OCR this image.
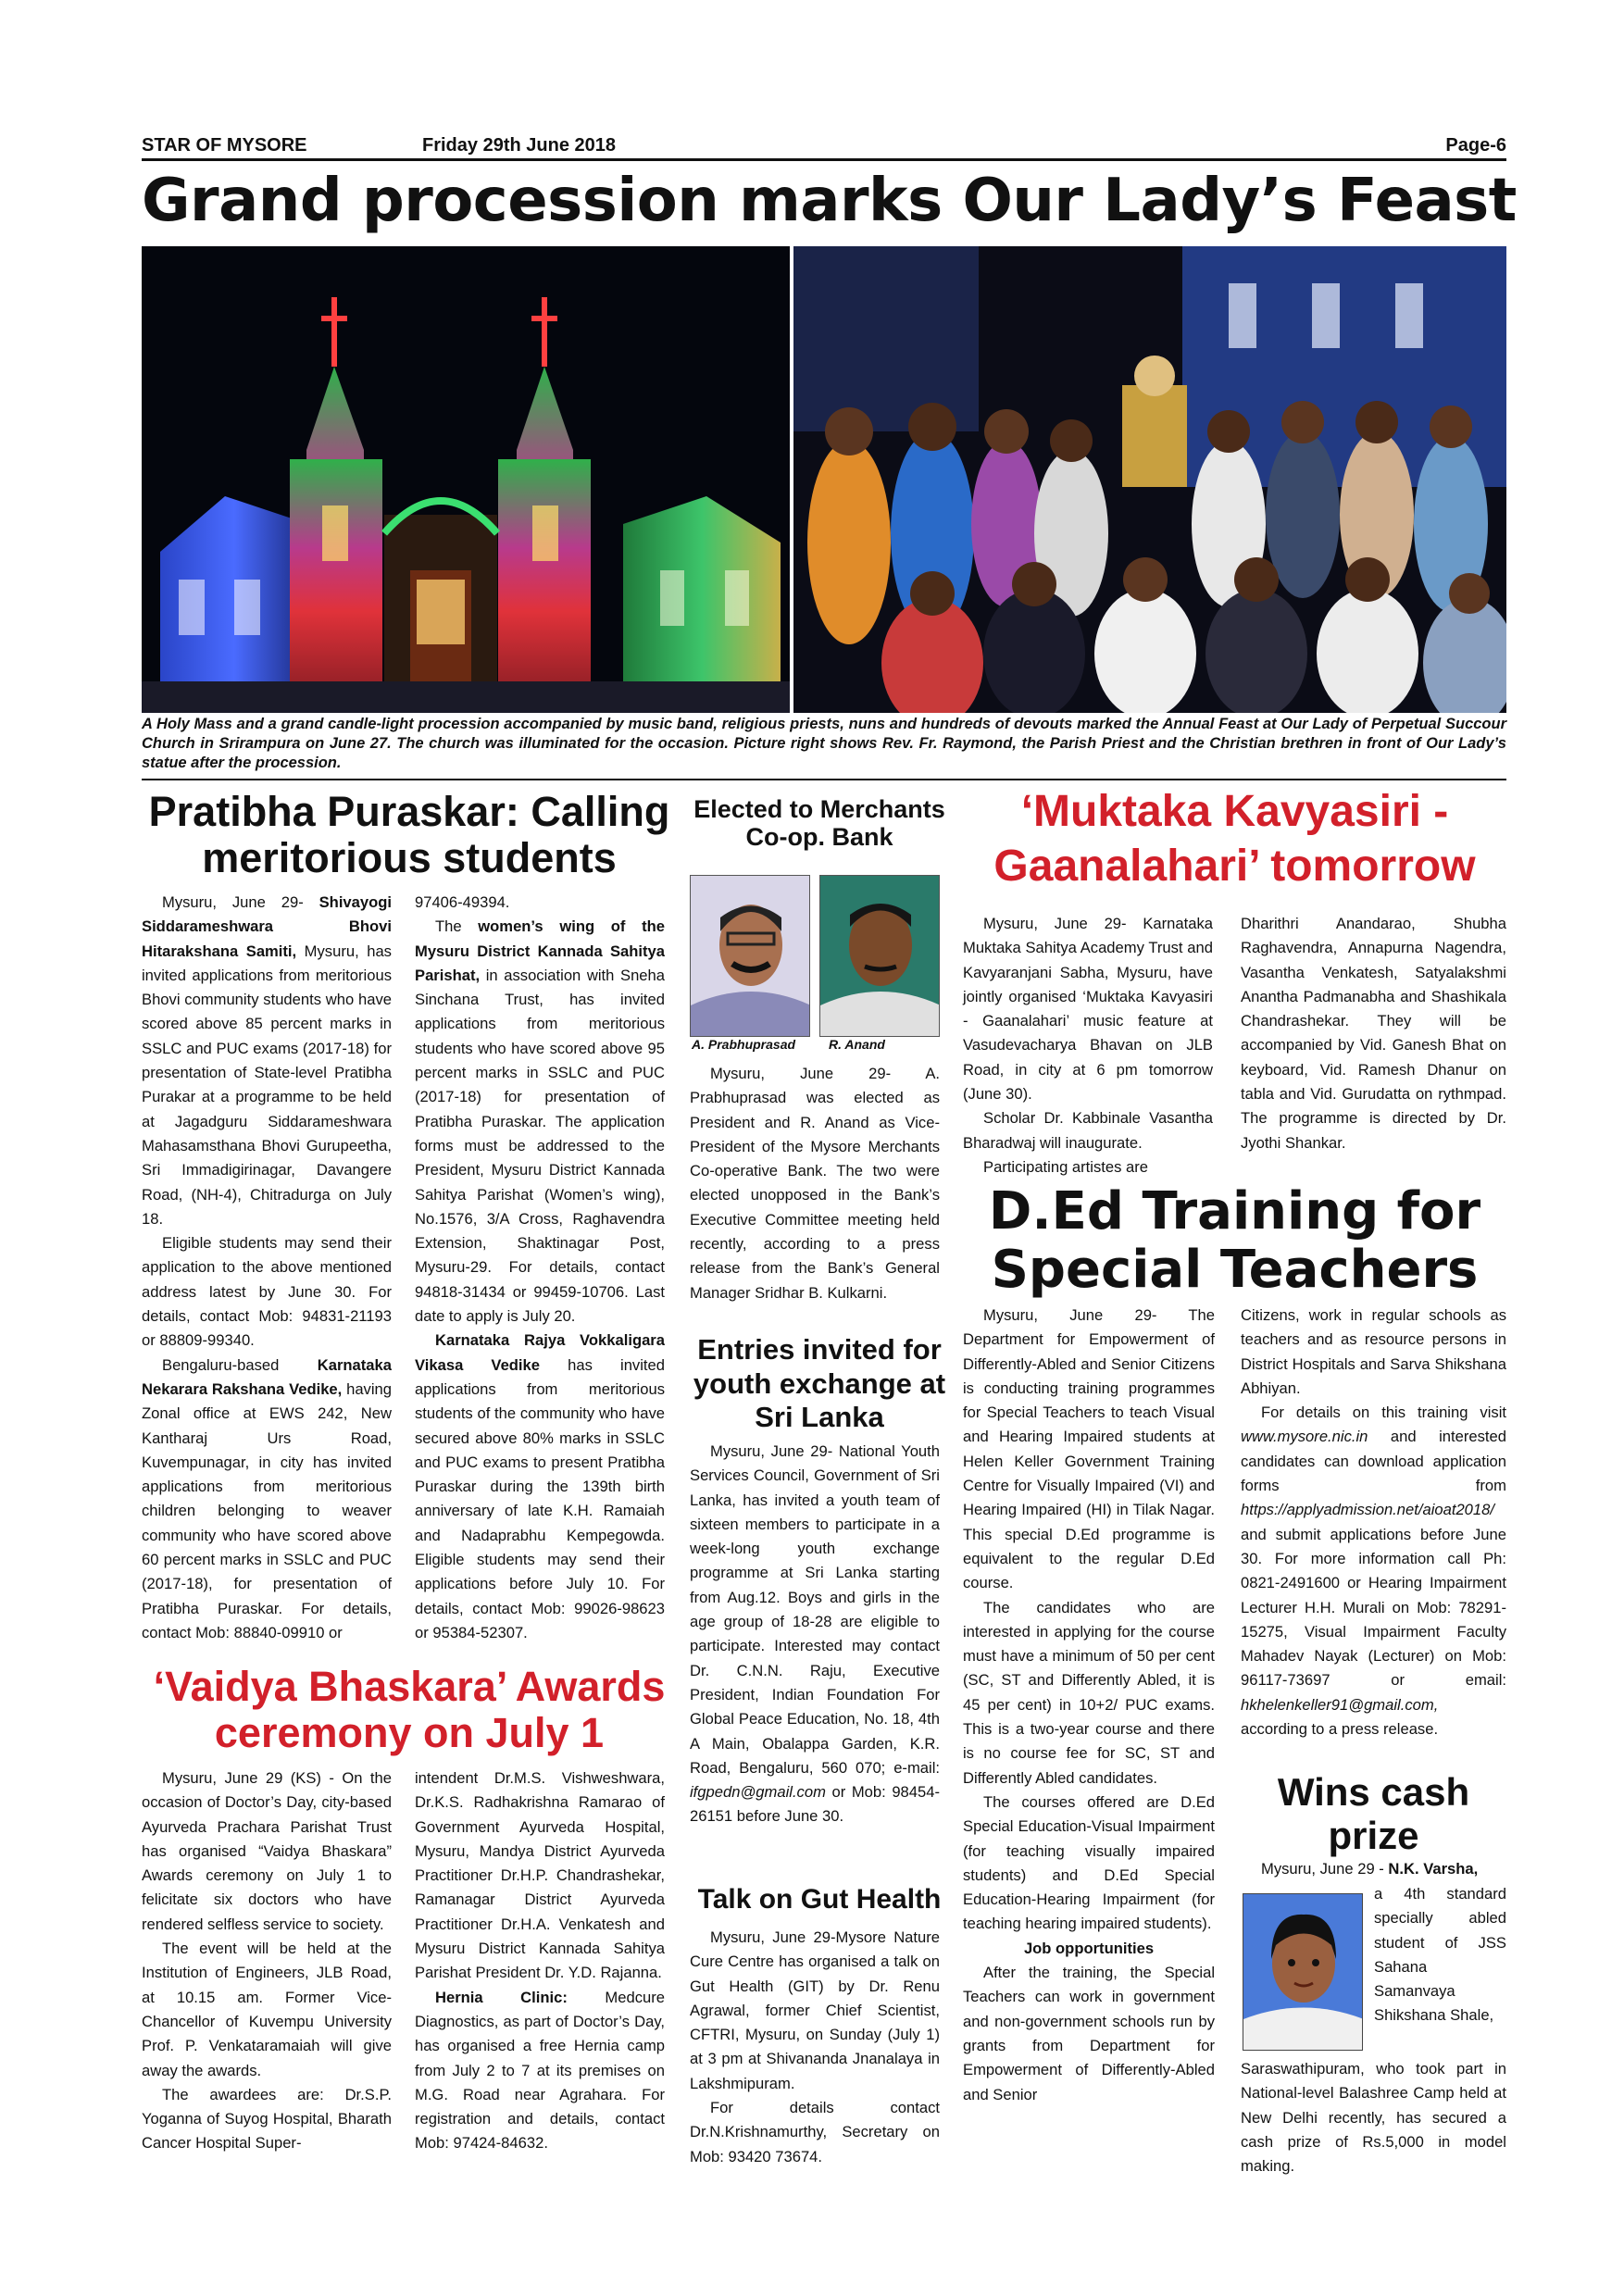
STAR OF MYSORE	Friday 29th June 2018	Page-6
Grand procession marks Our Lady’s Feast
A Holy Mass and a grand candle-light procession accompanied by music band, religious priests, nuns and hundreds of devouts marked the Annual Feast at Our Lady of Perpetual Succour Church in Srirampura on June 27. The church was illuminated for the occasion. Picture right shows Rev. Fr. Raymond, the Parish Priest and the Christian brethren in front of Our Lady’s statue after the procession.
Pratibha Puraskar: Calling meritorious students

Mysuru, June 29- Shivayogi Siddarameshwara Bhovi Hitarakshana Samiti, Mysuru, has invited applications from meritorious Bhovi community students who have scored above 85 percent marks in SSLC and PUC exams (2017-18) for presentation of State-level Pratibha Purakar at a programme to be held at Jagadguru Siddarameshwara Mahasamsthana Bhovi Gurupeetha, Sri Immadigirinagar, Davangere Road, (NH-4), Chitradurga on July 18.

Eligible students may send their application to the above mentioned address latest by June 30. For details, contact Mob: 94831-21193 or 88809-99340.

Bengaluru-based Karnataka Nekarara Rakshana Vedike, having Zonal office at EWS 242, New Kantharaj Urs Road, Kuvempunagar, in city has invited applications from meritorious children belonging to weaver community who have scored above 60 percent marks in SSLC and PUC (2017-18), for presentation of Pratibha Puraskar. For details, contact Mob: 88840-09910 or

97406-49394.

The women’s wing of the Mysuru District Kannada Sahitya Parishat, in association with Sneha Sinchana Trust, has invited applications from meritorious students who have scored above 95 percent marks in SSLC and PUC (2017-18) for presentation of Pratibha Puraskar. The application forms must be addressed to the President, Mysuru District Kannada Sahitya Parishat (Women’s wing), No.1576, 3/A Cross, Raghavendra Extension, Shaktinagar Post, Mysuru-29. For details, contact 94818-31434 or 99459-10706. Last date to apply is July 20.

Karnataka Rajya Vokkaligara Vikasa Vedike has invited applications from meritorious students of the community who have secured above 80% marks in SSLC and PUC exams to present Pratibha Puraskar during the 139th birth anniversary of late K.H. Ramaiah and Nadaprabhu Kempegowda. Eligible students may send their applications before July 10. For details, contact Mob: 99026-98623 or 95384-52307.

‘Vaidya Bhaskara’ Awards ceremony on July 1

Mysuru, June 29 (KS) - On the occasion of Doctor’s Day, city-based Ayurveda Prachara Parishat Trust has organised “Vaidya Bhaskara” Awards ceremony on July 1 to felicitate six doctors who have rendered selfless service to society.

The event will be held at the Institution of Engineers, JLB Road, at 10.15 am. Former Vice-Chancellor of Kuvempu University Prof. P. Venkataramaiah will give away the awards.

The awardees are: Dr.S.P. Yoganna of Suyog Hospital, Bharath Cancer Hospital Super-

intendent Dr.M.S. Vishweshwara, Dr.K.S. Radhakrishna Ramarao of Government Ayurveda Hospital, Mysuru, Mandya District Ayurveda Practitioner Dr.H.P. Chandrashekar, Ramanagar District Ayurveda Practitioner Dr.H.A. Venkatesh and Mysuru District Kannada Sahitya Parishat President Dr. Y.D. Rajanna.

Hernia Clinic: Medcure Diagnostics, as part of Doctor’s Day, has organised a free Hernia camp from July 2 to 7 at its premises on M.G. Road near Agrahara. For registration and details, contact Mob: 97424-84632.

Elected to Merchants Co-op. Bank
A. Prabhuprasad	R. Anand

Mysuru, June 29- A. Prabhuprasad was elected as President and R. Anand as Vice-President of the Mysore Merchants Co-operative Bank. The two were elected unopposed in the Bank’s Executive Committee meeting held recently, according to a press release from the Bank’s General Manager Sridhar B. Kulkarni.

Entries invited for youth exchange at Sri Lanka

Mysuru, June 29- National Youth Services Council, Government of Sri Lanka, has invited a youth team of sixteen members to participate in a week-long youth exchange programme at Sri Lanka starting from Aug.12. Boys and girls in the age group of 18-28 are eligible to participate. Interested may contact Dr. C.N.N. Raju, Executive President, Indian Foundation For Global Peace Education, No. 18, 4th A Main, Obalappa Garden, K.R. Road, Bengaluru, 560 070; e-mail: ifgpedn@gmail.com or Mob: 98454-26151 before June 30.

Talk on Gut Health

Mysuru, June 29-Mysore Nature Cure Centre has organised a talk on Gut Health (GIT) by Dr. Renu Agrawal, former Chief Scientist, CFTRI, Mysuru, on Sunday (July 1) at 3 pm at Shivananda Jnanalaya in Lakshmipuram.

For details contact Dr.N.Krishnamurthy, Secretary on Mob: 93420 73674.

‘Muktaka Kavyasiri - Gaanalahari’ tomorrow

Mysuru, June 29- Karnataka Muktaka Sahitya Academy Trust and Kavyaranjani Sabha, Mysuru, have jointly organised ‘Muktaka Kavyasiri - Gaanalahari’ music feature at Vasudevacharya Bhavan on JLB Road, in city at 6 pm tomorrow (June 30).

Scholar Dr. Kabbinale Vasantha Bharadwaj will inaugurate.

Participating artistes are

Dharithri Anandarao, Shubha Raghavendra, Annapurna Nagendra, Vasantha Venkatesh, Satyalakshmi Anantha Padmanabha and Shashikala Chandrashekar. They will be accompanied by Vid. Ganesh Bhat on keyboard, Vid. Ramesh Dhanur on tabla and Vid. Gurudatta on rythmpad. The programme is directed by Dr. Jyothi Shankar.

D.Ed Training for Special Teachers

Mysuru, June 29- The Department for Empowerment of Differently-Abled and Senior Citizens is conducting training programmes for Special Teachers to teach Visual and Hearing Impaired students at Helen Keller Government Training Centre for Visually Impaired (VI) and Hearing Impaired (HI) in Tilak Nagar. This special D.Ed programme is equivalent to the regular D.Ed course.

The candidates who are interested in applying for the course must have a minimum of 50 per cent (SC, ST and Differently Abled, it is 45 per cent) in 10+2/ PUC exams. This is a two-year course and there is no course fee for SC, ST and Differently Abled candidates.

The courses offered are D.Ed Special Education-Visual Impairment (for teaching visually impaired students) and D.Ed Special Education-Hearing Impairment (for teaching hearing impaired students).

Job opportunities

After the training, the Special Teachers can work in government and non-government schools run by grants from Department for Empowerment of Differently-Abled and Senior

Citizens, work in regular schools as teachers and as resource persons in District Hospitals and Sarva Shikshana Abhiyan.

For details on this training visit www.mysore.nic.in and interested candidates can download application forms from https://applyadmission.net/aioat2018/ and submit applications before June 30. For more information call Ph: 0821-2491600 or Hearing Impairment Lecturer H.H. Murali on Mob: 78291-15275, Visual Impairment Faculty Mahadev Nayak (Lecturer) on Mob: 96117-73697 or email: hkhelenkeller91@gmail.com, according to a press release.

Wins cash prize

Mysuru, June 29 - N.K. Varsha,

a 4th standard specially abled student of JSS Sahana Samanvaya Shikshana Shale,

Saraswathipuram, who took part in National-level Balashree Camp held at New Delhi recently, has secured a cash prize of Rs.5,000 in model making.
